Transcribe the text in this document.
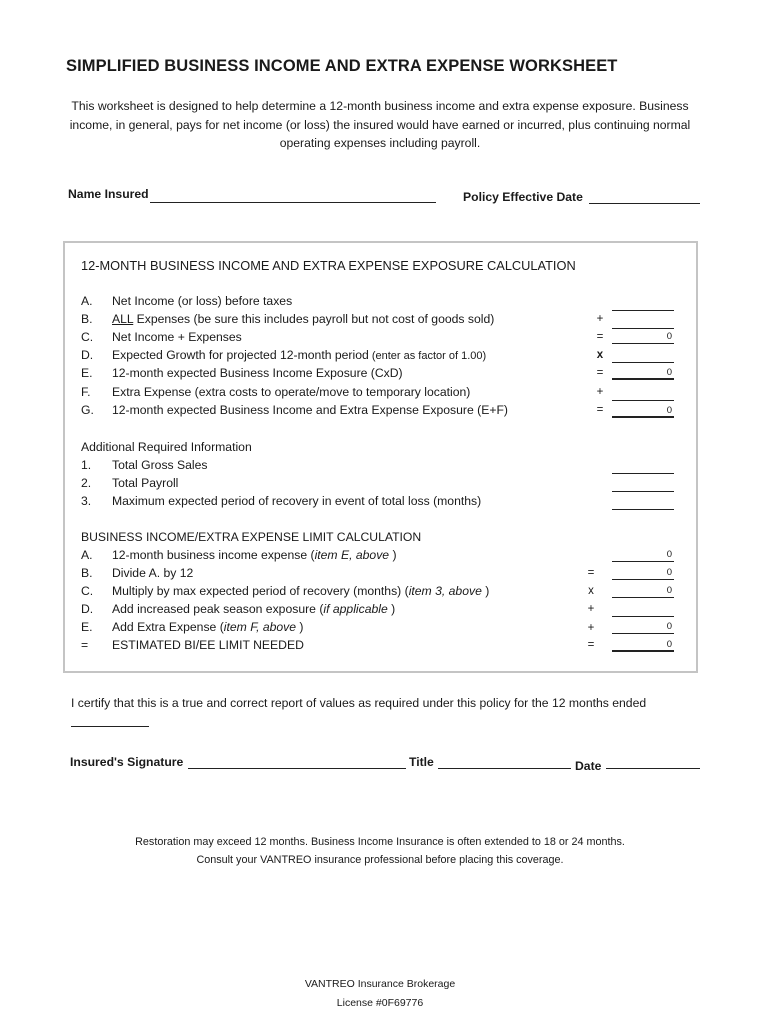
SIMPLIFIED BUSINESS INCOME AND EXTRA EXPENSE WORKSHEET
This worksheet is designed to help determine a 12-month business income and extra expense exposure. Business income, in general, pays for net income (or loss) the insured would have earned or incurred, plus continuing normal operating expenses including payroll.
Name Insured	Policy Effective Date
12-MONTH BUSINESS INCOME AND EXTRA EXPENSE EXPOSURE CALCULATION
A.	Net Income (or loss) before taxes
B.	ALL Expenses (be sure this includes payroll but not cost of goods sold)	+
C.	Net Income + Expenses	=	0
D.	Expected Growth for projected 12-month period (enter as factor of 1.00)	x
E.	12-month expected Business Income Exposure (CxD)	=	0
F.	Extra Expense (extra costs to operate/move to temporary location)	+
G.	12-month expected Business Income and Extra Expense Exposure (E+F)	=	0
Additional Required Information
1.	Total Gross Sales
2.	Total Payroll
3.	Maximum expected period of recovery in event of total loss (months)
BUSINESS INCOME/EXTRA EXPENSE LIMIT CALCULATION
A.	12-month business income expense (item E, above )	0
B.	Divide A. by 12	=	0
C.	Multiply by max expected period of recovery (months) (item 3, above )	x	0
D.	Add increased peak season exposure (if applicable )	+
E.	Add Extra Expense (item F, above )	+	0
=	ESTIMATED BI/EE LIMIT NEEDED	=	0
I certify that this is a true and correct report of values as required under this policy for the 12 months ended
Insured's Signature	Title	Date
Restoration may exceed 12 months. Business Income Insurance is often extended to 18 or 24 months.
Consult your VANTREO insurance professional before placing this coverage.
VANTREO Insurance Brokerage
License #0F69776
